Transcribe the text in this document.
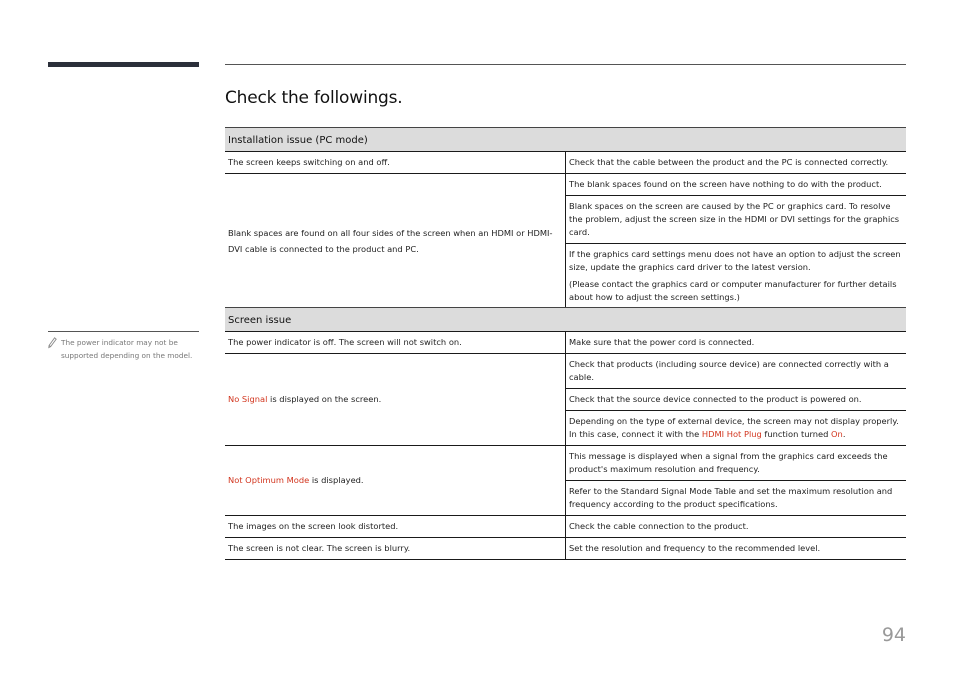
Check the followings.
Installation issue (PC mode)	
The screen keeps switching on and off.	Check that the cable between the product and the PC is connected correctly.
Blank spaces are found on all four sides of the screen when an HDMI or HDMI-DVI cable is connected to the product and PC.	The blank spaces found on the screen have nothing to do with the product.
	Blank spaces on the screen are caused by the PC or graphics card. To resolve the problem, adjust the screen size in the HDMI or DVI settings for the graphics card.

	If the graphics card settings menu does not have an option to adjust the screen size, update the graphics card driver to the latest version.

(Please contact the graphics card or computer manufacturer for further details about how to adjust the screen settings.)

Screen issue	
The power indicator is off. The screen will not switch on.	Make sure that the power cord is connected.
No Signal is displayed on the screen.	Check that products (including source device) are connected correctly with a cable.
	Check that the source device connected to the product is powered on.
	Depending on the type of external device, the screen may not display properly. In this case, connect it with the HDMI Hot Plug function turned On.
Not Optimum Mode is displayed.	This message is displayed when a signal from the graphics card exceeds the product's maximum resolution and frequency.
	Refer to the Standard Signal Mode Table and set the maximum resolution and frequency according to the product specifications.
The images on the screen look distorted.	Check the cable connection to the product.
The screen is not clear. The screen is blurry.	Set the resolution and frequency to the recommended level.
The power indicator may not be supported depending on the model.
94
